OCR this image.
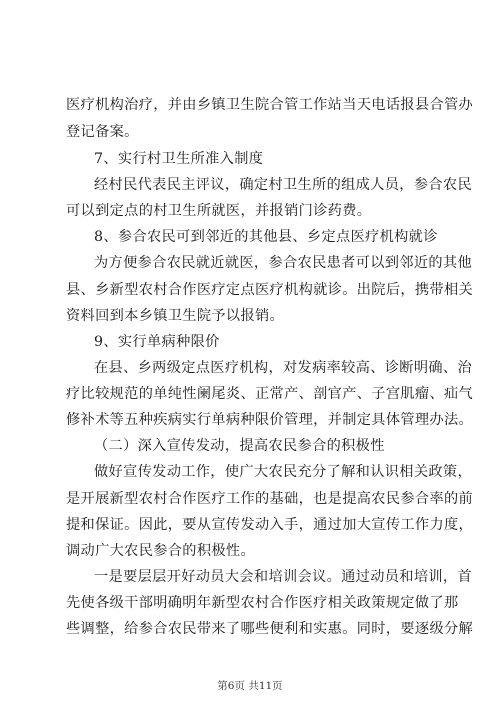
医疗机构治疗，并由乡镇卫生院合管工作站当天电话报县合管办
登记备案。
7、实行村卫生所准入制度
经村民代表民主评议，确定村卫生所的组成人员，参合农民
可以到定点的村卫生所就医，并报销门诊药费。
8、参合农民可到邻近的其他县、乡定点医疗机构就诊
为方便参合农民就近就医，参合农民患者可以到邻近的其他
县、乡新型农村合作医疗定点医疗机构就诊。出院后，携带相关
资料回到本乡镇卫生院予以报销。
9、实行单病种限价
在县、乡两级定点医疗机构，对发病率较高、诊断明确、治
疗比较规范的单纯性阑尾炎、正常产、剖官产、子宫肌瘤、疝气
修补术等五种疾病实行单病种限价管理，并制定具体管理办法。
（二）深入宣传发动，提高农民参合的积极性
做好宣传发动工作，使广大农民充分了解和认识相关政策，
是开展新型农村合作医疗工作的基础，也是提高农民参合率的前
提和保证。因此，要从宣传发动入手，通过加大宣传工作力度，
调动广大农民参合的积极性。
一是要层层开好动员大会和培训会议。通过动员和培训，首
先使各级干部明确明年新型农村合作医疗相关政策规定做了那
些调整，给参合农民带来了哪些便利和实惠。同时，要逐级分解
第6页 共11页
